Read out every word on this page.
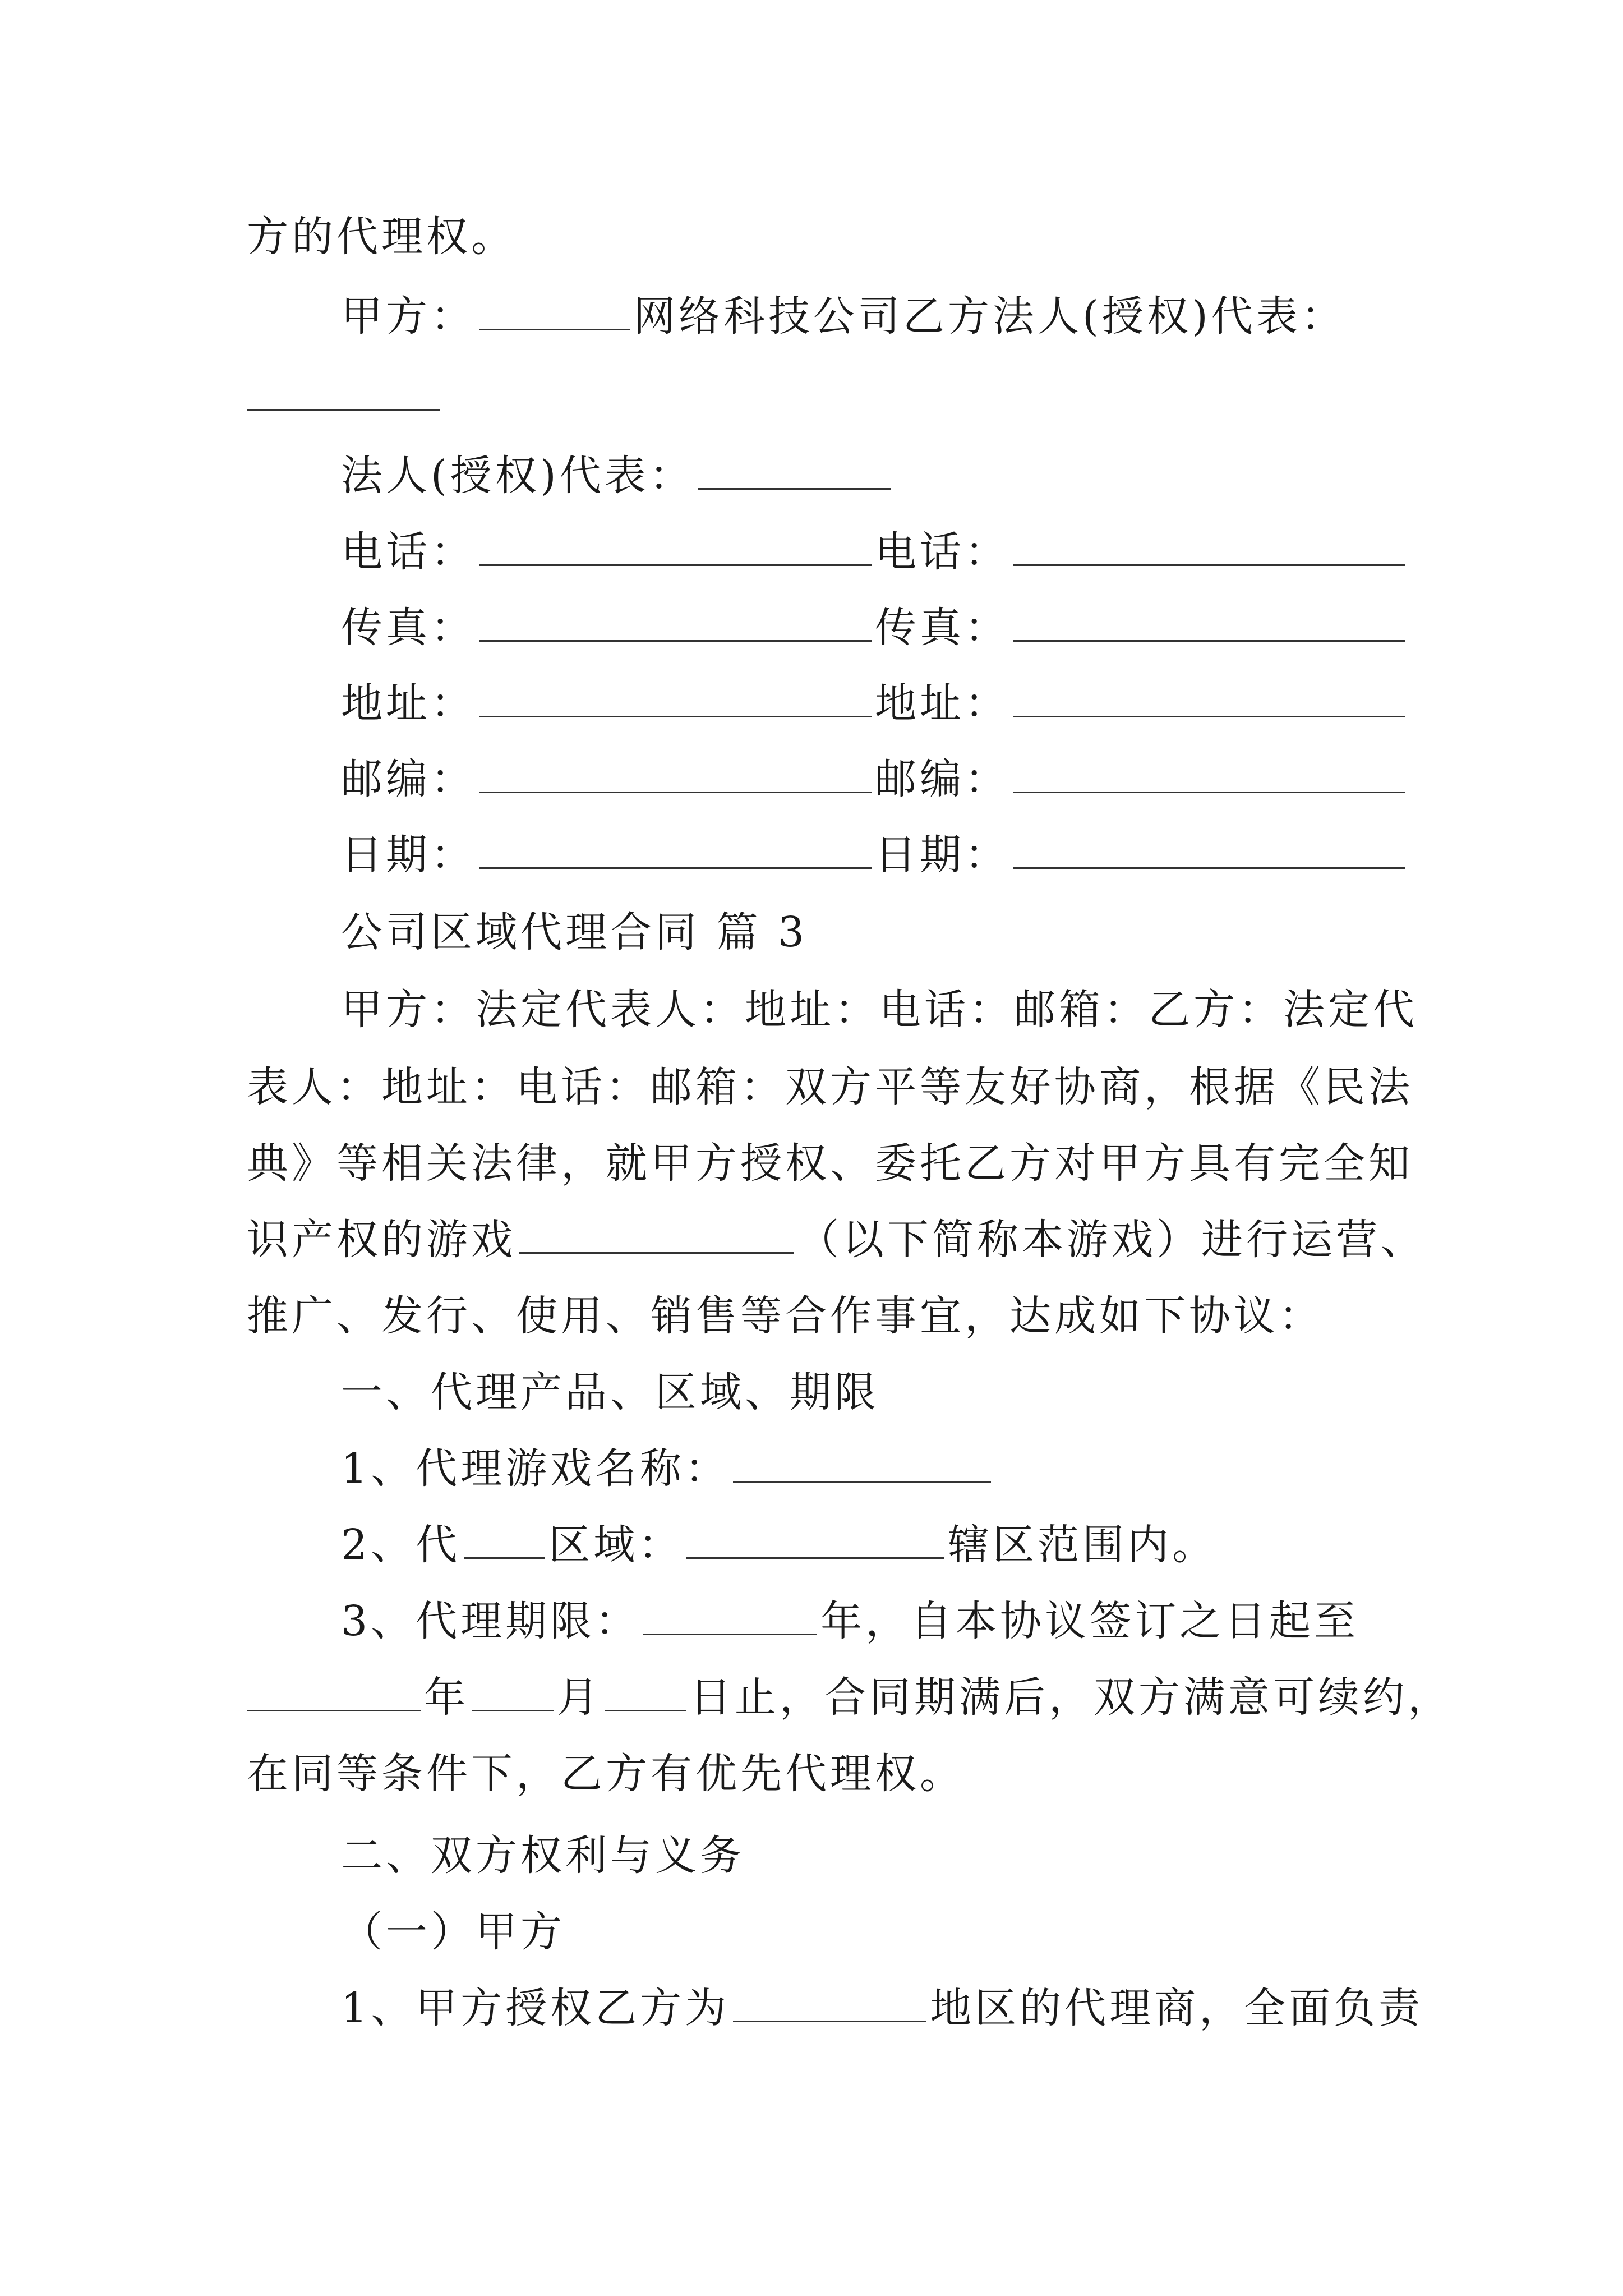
方的代理权。
甲方：	网络科技公司乙方法人(授权)代表：
法人(授权)代表：
电话：	电话：
传真：	传真：
地址：	地址：
邮编：	邮编：
日期：	日期：
公司区域代理合同 篇 3
甲方：法定代表人：地址：电话：邮箱：乙方：法定代
表人：地址：电话：邮箱：双方平等友好协商，根据《民法
典》等相关法律，就甲方授权、委托乙方对甲方具有完全知
识产权的游戏	（以下简称本游戏）进行运营、
推广、发行、使用、销售等合作事宜，达成如下协议：
一、代理产品、区域、期限
1、代理游戏名称：
2、代 区域：	辖区范围内。
3、代理期限：	年，自本协议签订之日起至
年 月 日止，合同期满后，双方满意可续约，
在同等条件下，乙方有优先代理权。
二、双方权利与义务
（一）甲方
1、甲方授权乙方为	地区的代理商，全面负责
